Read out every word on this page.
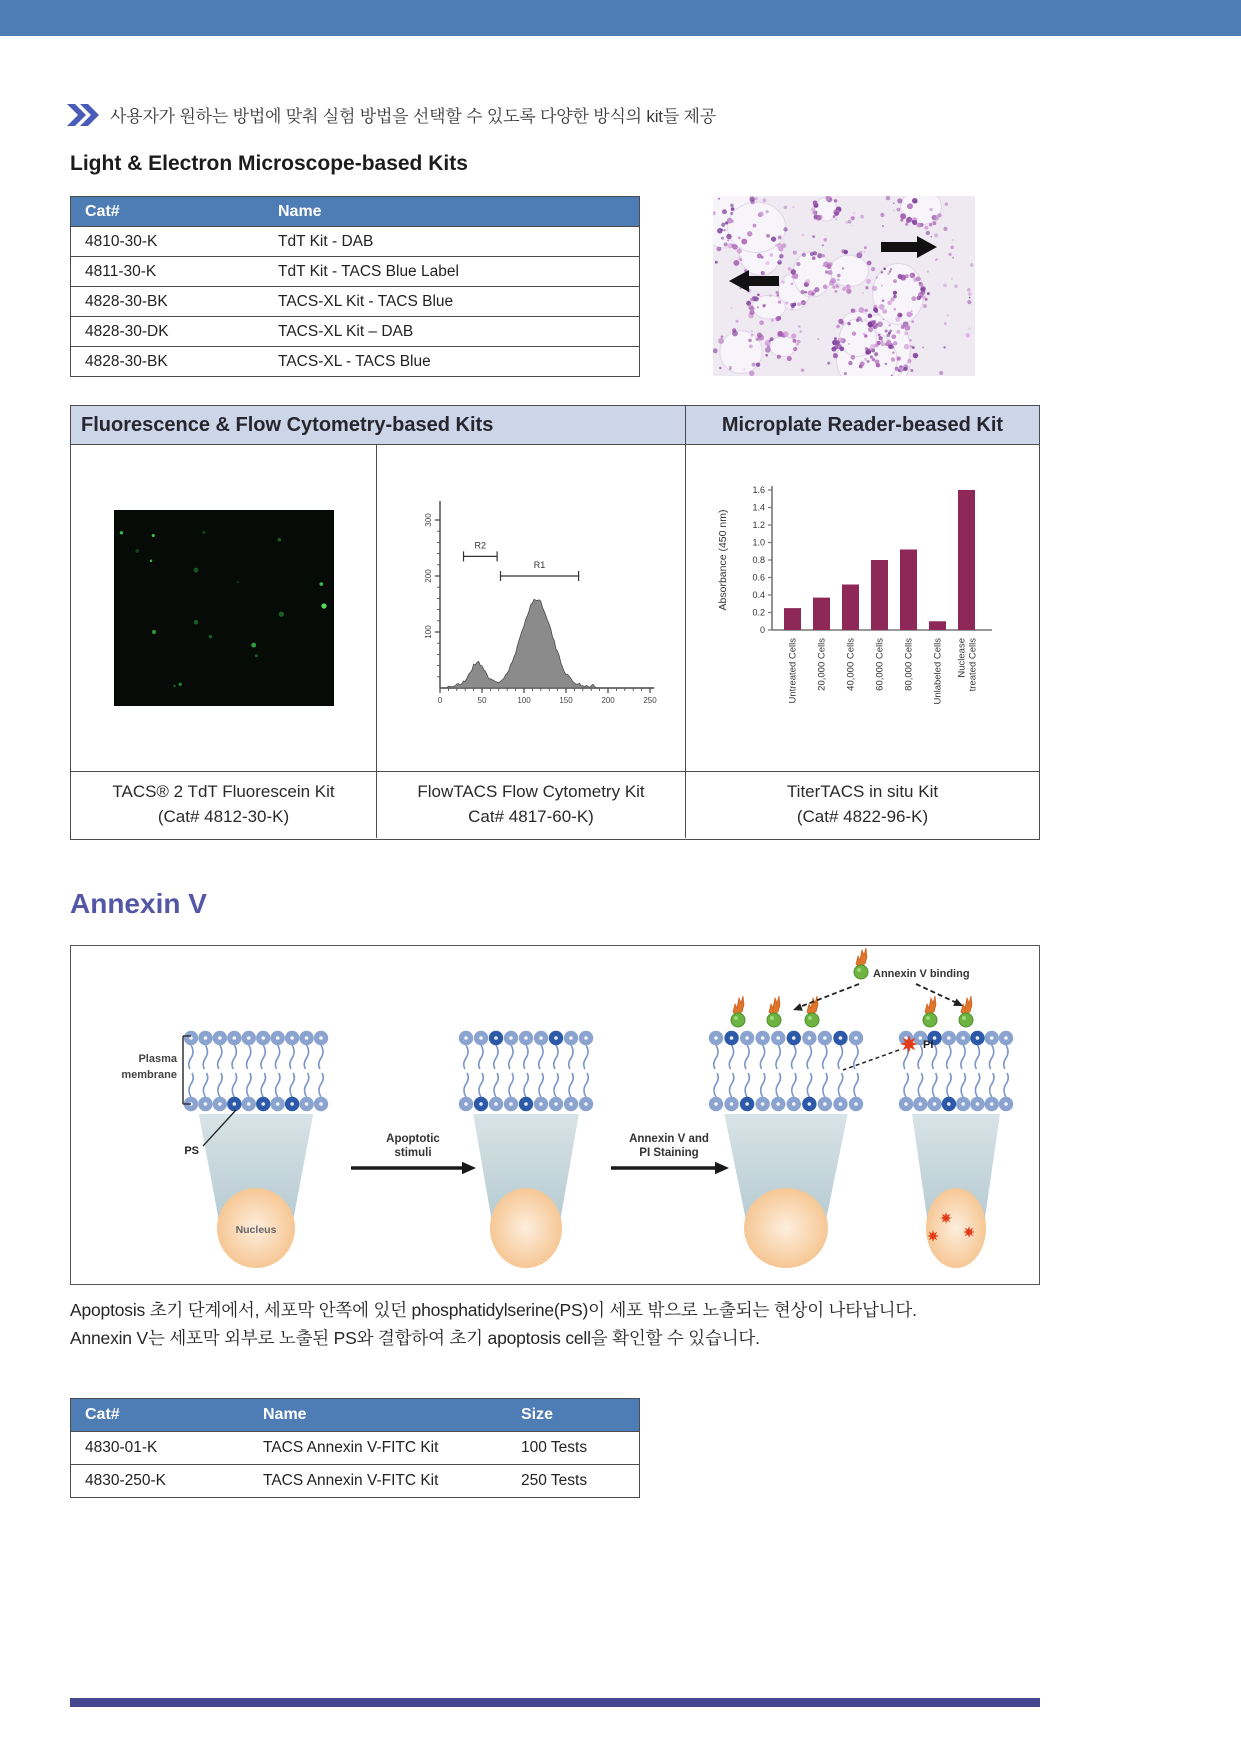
사용자가 원하는 방법에 맞춰 실험 방법을 선택할 수 있도록 다양한 방식의 kit들 제공
Light & Electron Microscope-based Kits
Cat#	Name
4810-30-K	TdT Kit - DAB
4811-30-K	TdT Kit - TACS Blue Label
4828-30-BK	TACS-XL Kit - TACS Blue
4828-30-DK	TACS-XL Kit – DAB
4828-30-BK	TACS-XL - TACS Blue
Fluorescence & Flow Cytometry-based Kits	Microplate Reader-beased Kit
100
200
300
0	50	100	150	200	250
R2
R1
0
0.2
0.4
0.6
0.8
1.0
1.2
1.4
1.6
Absorbance (450 nm)
Untreated Cells 20,000 Cells 40,000 Cells 60,000 Cells 80,000 Cells Unlabeled Cells Nuclease treated Cells
TACS® 2 TdT Fluorescein Kit
(Cat# 4812-30-K)
FlowTACS Flow Cytometry Kit
Cat# 4817-60-K)
TiterTACS in situ Kit
(Cat# 4822-96-K)
Annexin V
Plasma
membrane
PS
Nucleus
Apoptotic
stimuli
Annexin V and
PI Staining
Annexin V binding
PI

Apoptosis 초기 단계에서, 세포막 안쪽에 있던 phosphatidylserine(PS)이 세포 밖으로 노출되는 현상이 나타납니다.
Annexin V는 세포막 외부로 노출된 PS와 결합하여 초기 apoptosis cell을 확인할 수 있습니다.

Cat#	Name	Size
4830-01-K	TACS Annexin V-FITC Kit	100 Tests
4830-250-K	TACS Annexin V-FITC Kit	250 Tests
